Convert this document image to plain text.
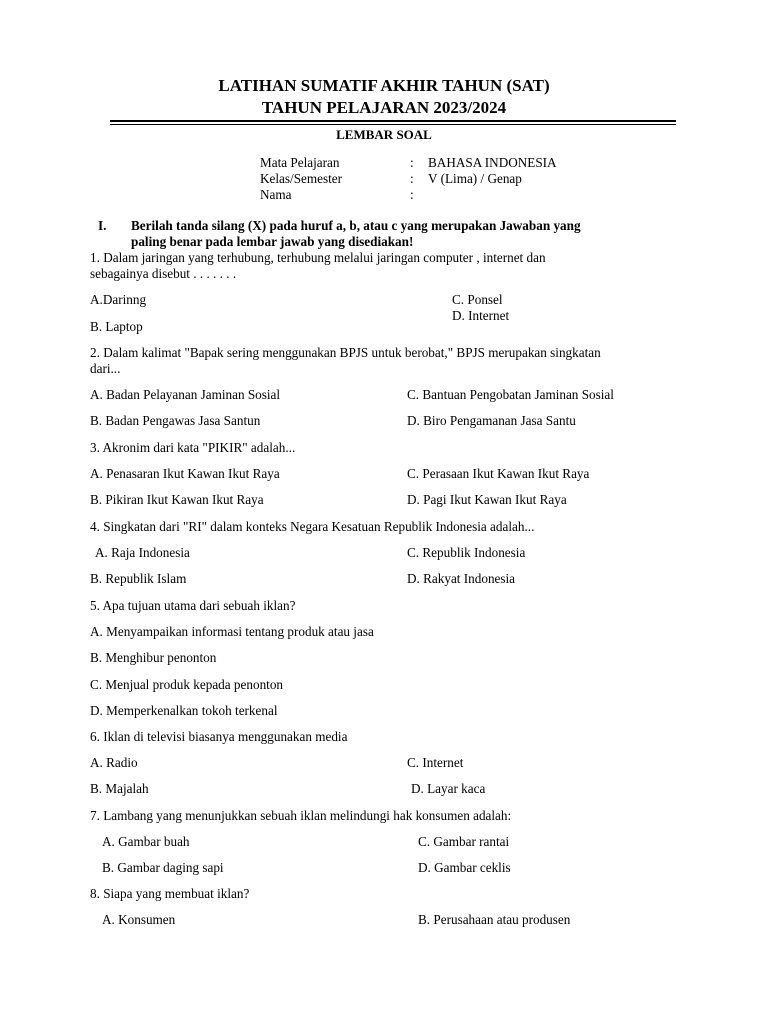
LATIHAN SUMATIF AKHIR TAHUN (SAT)
TAHUN PELAJARAN 2023/2024
LEMBAR SOAL
Mata Pelajaran	: BAHASA INDONESIA
Kelas/Semester	: V (Lima) / Genap
Nama	:
I. Berilah tanda silang (X) pada huruf a, b, atau c yang merupakan Jawaban yang
paling benar pada lembar jawab yang disediakan!
1. Dalam jaringan yang terhubung, terhubung melalui jaringan computer , internet dan
sebagainya disebut . . . . . . .
A.Darinng	C. Ponsel
D. Internet
B. Laptop
2. Dalam kalimat "Bapak sering menggunakan BPJS untuk berobat," BPJS merupakan singkatan
dari...
A. Badan Pelayanan Jaminan Sosial	C. Bantuan Pengobatan Jaminan Sosial
B. Badan Pengawas Jasa Santun	D. Biro Pengamanan Jasa Santu
3. Akronim dari kata "PIKIR" adalah...
A. Penasaran Ikut Kawan Ikut Raya	C. Perasaan Ikut Kawan Ikut Raya
B. Pikiran Ikut Kawan Ikut Raya	D. Pagi Ikut Kawan Ikut Raya
4. Singkatan dari "RI" dalam konteks Negara Kesatuan Republik Indonesia adalah...
A. Raja Indonesia	C. Republik Indonesia
B. Republik Islam	D. Rakyat Indonesia
5. Apa tujuan utama dari sebuah iklan?
A. Menyampaikan informasi tentang produk atau jasa
B. Menghibur penonton
C. Menjual produk kepada penonton
D. Memperkenalkan tokoh terkenal
6. Iklan di televisi biasanya menggunakan media
A. Radio	C. Internet
B. Majalah	D. Layar kaca
7. Lambang yang menunjukkan sebuah iklan melindungi hak konsumen adalah:
A. Gambar buah	C. Gambar rantai
B. Gambar daging sapi	D. Gambar ceklis
8. Siapa yang membuat iklan?
A. Konsumen	B. Perusahaan atau produsen
